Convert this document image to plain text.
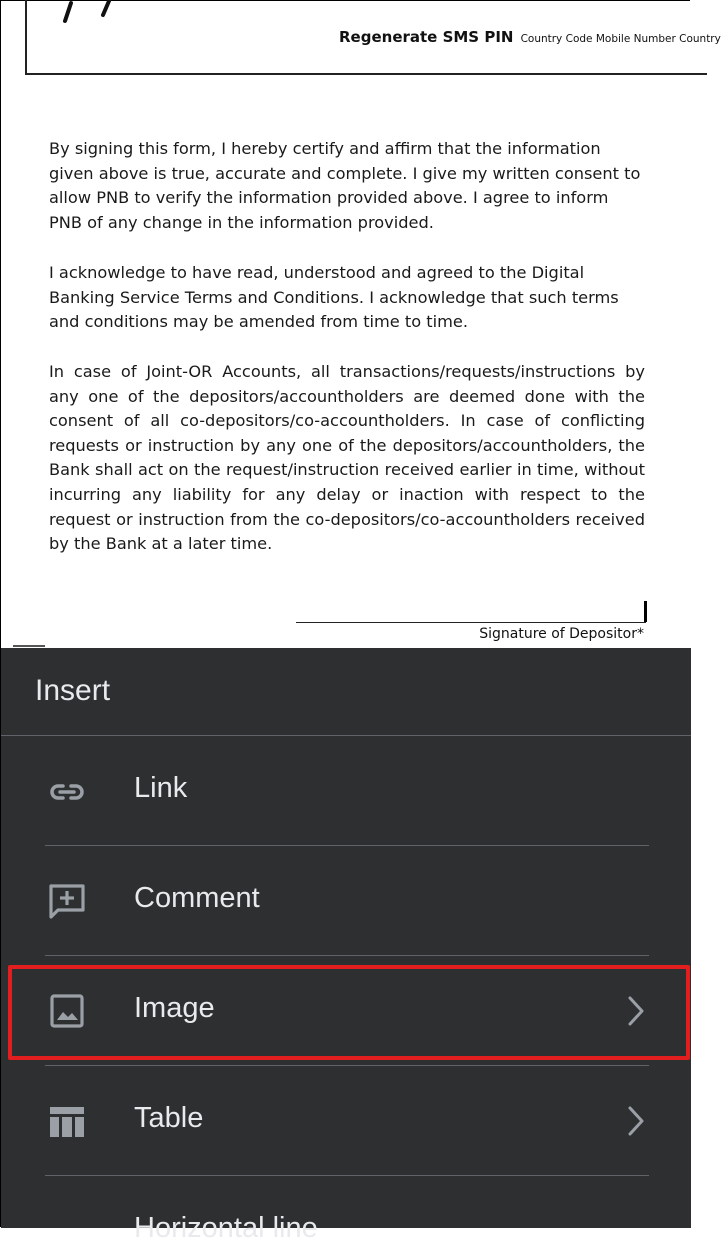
Regenerate SMS PIN Country Code Mobile Number Country

By signing this form, I hereby certify and affirm that the information given above is true, accurate and complete. I give my written consent to allow PNB to verify the information provided above. I agree to inform PNB of any change in the information provided.

I acknowledge to have read, understood and agreed to the Digital Banking Service Terms and Conditions. I acknowledge that such terms and conditions may be amended from time to time.

In case of Joint-OR Accounts, all transactions/requests/instructions by any one of the depositors/accountholders are deemed done with the consent of all co-depositors/co-accountholders. In case of conflicting requests or instruction by any one of the depositors/accountholders, the Bank shall act on the request/instruction received earlier in time, without incurring any liability for any delay or inaction with respect to the request or instruction from the co-depositors/co-accountholders received by the Bank at a later time.

Signature of Depositor*
Insert
Link
Comment
Image
Table
Horizontal line
